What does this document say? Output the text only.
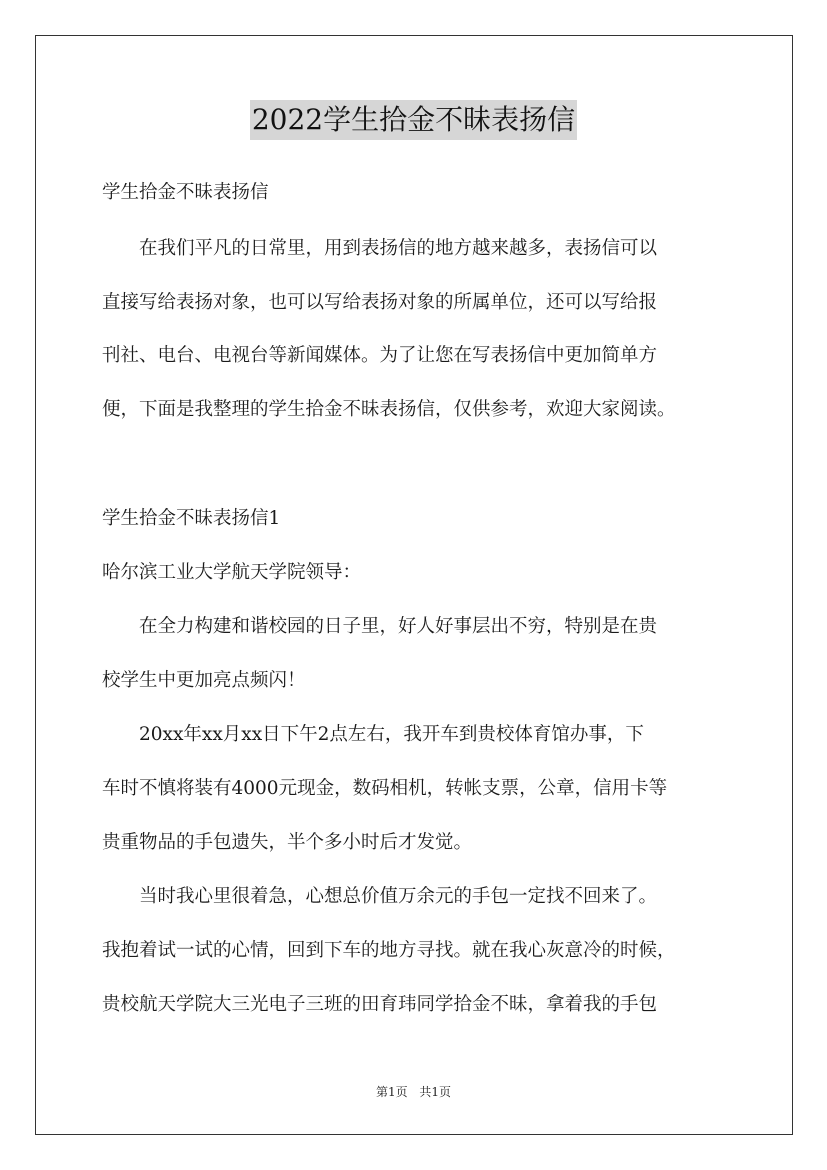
2022学生拾金不昧表扬信
学生拾金不昧表扬信
　　在我们平凡的日常里，用到表扬信的地方越来越多，表扬信可以
直接写给表扬对象，也可以写给表扬对象的所属单位，还可以写给报
刊社、电台、电视台等新闻媒体。为了让您在写表扬信中更加简单方
便，下面是我整理的学生拾金不昧表扬信，仅供参考，欢迎大家阅读。
学生拾金不昧表扬信1
哈尔滨工业大学航天学院领导：
　　在全力构建和谐校园的日子里，好人好事层出不穷，特别是在贵
校学生中更加亮点频闪！
　　20xx年xx月xx日下午2点左右，我开车到贵校体育馆办事，下
车时不慎将装有4000元现金，数码相机，转帐支票，公章，信用卡等
贵重物品的手包遗失，半个多小时后才发觉。
　　当时我心里很着急，心想总价值万余元的手包一定找不回来了。
我抱着试一试的心情，回到下车的地方寻找。就在我心灰意冷的时候，
贵校航天学院大三光电子三班的田育玮同学拾金不昧，拿着我的手包
第1页 共1页
